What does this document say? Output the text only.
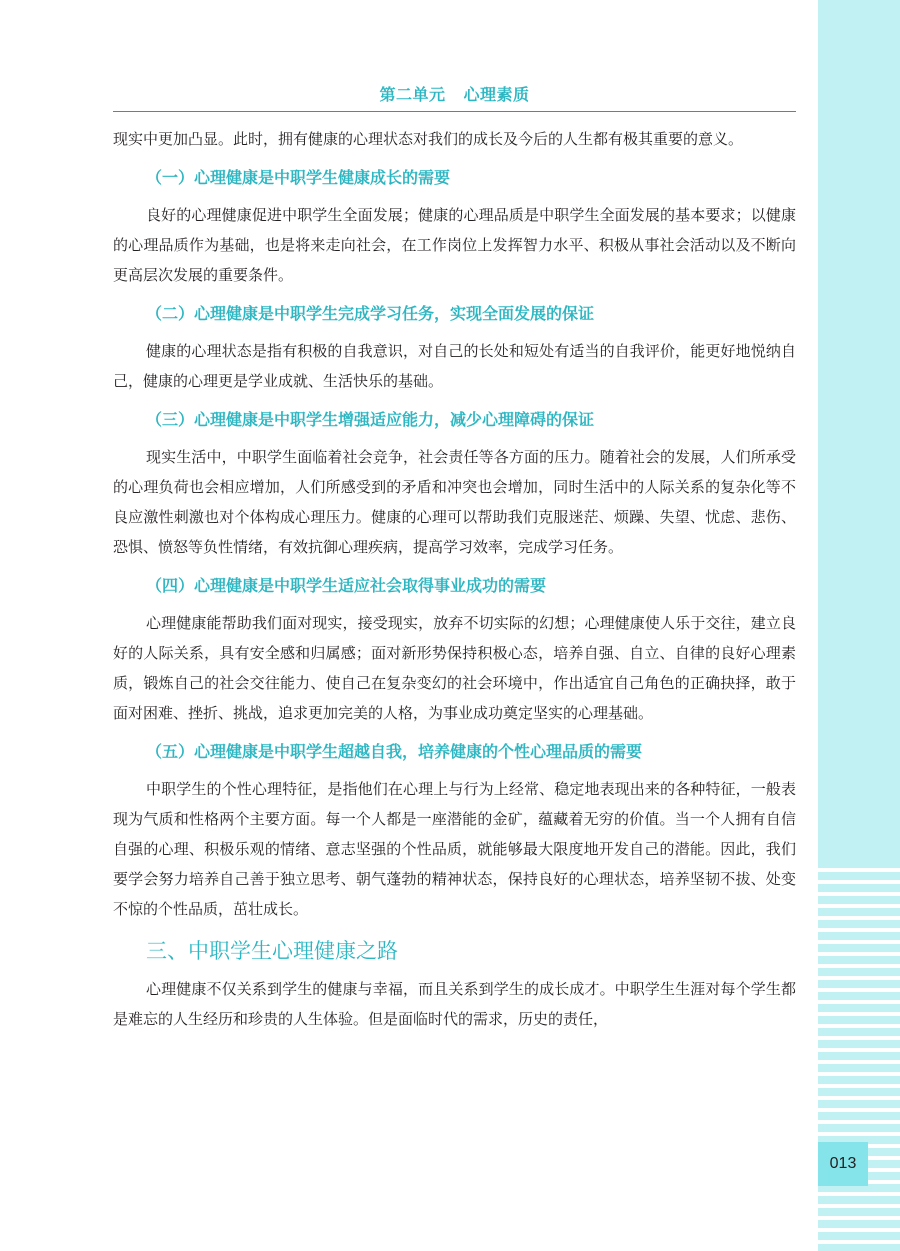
013
第二单元 心理素质

现实中更加凸显。此时，拥有健康的心理状态对我们的成长及今后的人生都有极其重要的意义。

（一）心理健康是中职学生健康成长的需要

良好的心理健康促进中职学生全面发展；健康的心理品质是中职学生全面发展的基本要求；以健康的心理品质作为基础，也是将来走向社会，在工作岗位上发挥智力水平、积极从事社会活动以及不断向更高层次发展的重要条件。

（二）心理健康是中职学生完成学习任务，实现全面发展的保证

健康的心理状态是指有积极的自我意识，对自己的长处和短处有适当的自我评价，能更好地悦纳自己，健康的心理更是学业成就、生活快乐的基础。

（三）心理健康是中职学生增强适应能力，减少心理障碍的保证

现实生活中，中职学生面临着社会竞争，社会责任等各方面的压力。随着社会的发展，人们所承受的心理负荷也会相应增加，人们所感受到的矛盾和冲突也会增加，同时生活中的人际关系的复杂化等不良应激性刺激也对个体构成心理压力。健康的心理可以帮助我们克服迷茫、烦躁、失望、忧虑、悲伤、恐惧、愤怒等负性情绪，有效抗御心理疾病，提高学习效率，完成学习任务。

（四）心理健康是中职学生适应社会取得事业成功的需要

心理健康能帮助我们面对现实，接受现实，放弃不切实际的幻想；心理健康使人乐于交往，建立良好的人际关系，具有安全感和归属感；面对新形势保持积极心态，培养自强、自立、自律的良好心理素质，锻炼自己的社会交往能力、使自己在复杂变幻的社会环境中，作出适宜自己角色的正确抉择，敢于面对困难、挫折、挑战，追求更加完美的人格，为事业成功奠定坚实的心理基础。

（五）心理健康是中职学生超越自我，培养健康的个性心理品质的需要

中职学生的个性心理特征，是指他们在心理上与行为上经常、稳定地表现出来的各种特征，一般表现为气质和性格两个主要方面。每一个人都是一座潜能的金矿，蕴藏着无穷的价值。当一个人拥有自信自强的心理、积极乐观的情绪、意志坚强的个性品质，就能够最大限度地开发自己的潜能。因此，我们要学会努力培养自己善于独立思考、朝气蓬勃的精神状态，保持良好的心理状态，培养坚韧不拔、处变不惊的个性品质，茁壮成长。

三、中职学生心理健康之路

心理健康不仅关系到学生的健康与幸福，而且关系到学生的成长成才。中职学生生涯对每个学生都是难忘的人生经历和珍贵的人生体验。但是面临时代的需求，历史的责任，
